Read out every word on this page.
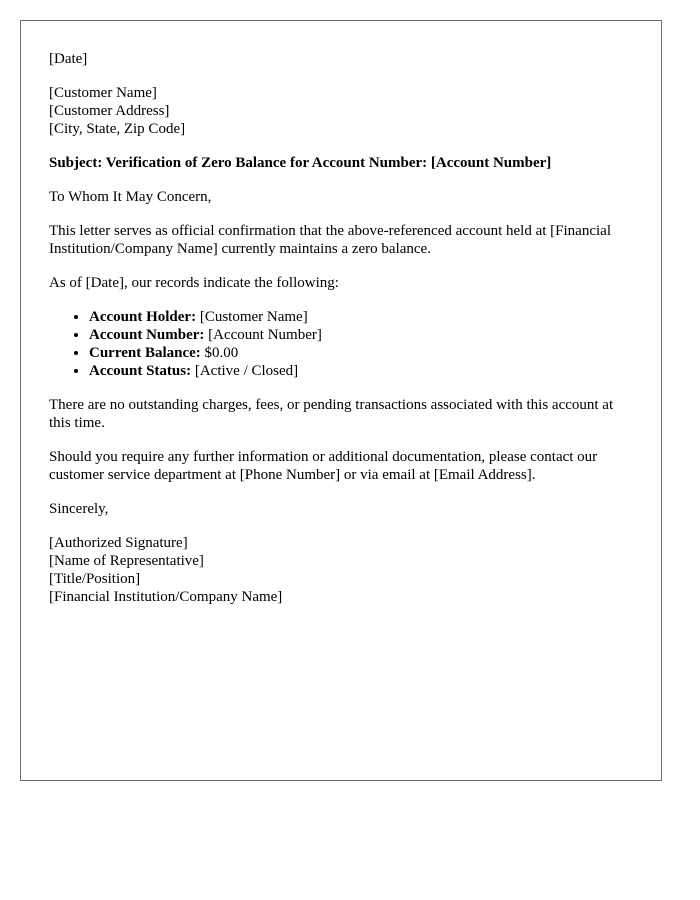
[Date]
[Customer Name]
[Customer Address]
[City, State, Zip Code]
Subject: Verification of Zero Balance for Account Number: [Account Number]
To Whom It May Concern,
This letter serves as official confirmation that the above-referenced account held at [Financial Institution/Company Name] currently maintains a zero balance.
As of [Date], our records indicate the following:
• Account Holder: [Customer Name]
• Account Number: [Account Number]
• Current Balance: $0.00
• Account Status: [Active / Closed]
There are no outstanding charges, fees, or pending transactions associated with this account at this time.
Should you require any further information or additional documentation, please contact our customer service department at [Phone Number] or via email at [Email Address].
Sincerely,
[Authorized Signature]
[Name of Representative]
[Title/Position]
[Financial Institution/Company Name]
